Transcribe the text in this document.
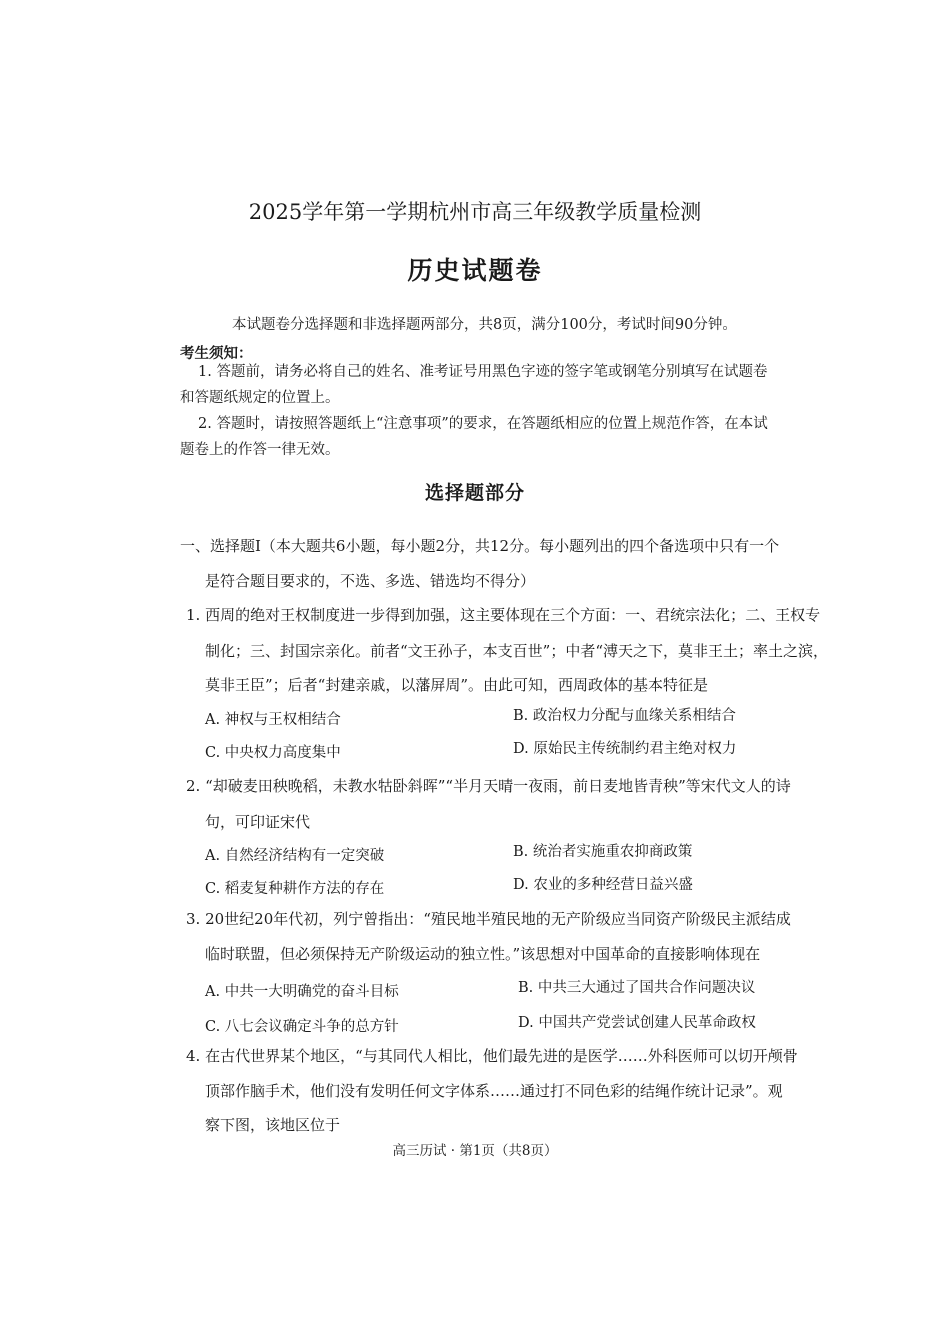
2025学年第一学期杭州市高三年级教学质量检测
历史试题卷
本试题卷分选择题和非选择题两部分，共8页，满分100分，考试时间90分钟。
考生须知：
1. 答题前，请务必将自己的姓名、准考证号用黑色字迹的签字笔或钢笔分别填写在试题卷
和答题纸规定的位置上。
2. 答题时，请按照答题纸上“注意事项”的要求，在答题纸相应的位置上规范作答，在本试
题卷上的作答一律无效。
选择题部分
一、选择题Ⅰ（本大题共6小题，每小题2分，共12分。每小题列出的四个备选项中只有一个
是符合题目要求的，不选、多选、错选均不得分）
1. 西周的绝对王权制度进一步得到加强，这主要体现在三个方面：一、君统宗法化；二、王权专
制化；三、封国宗亲化。前者“文王孙子，本支百世”；中者“溥天之下，莫非王土；率土之滨，
莫非王臣”；后者“封建亲戚，以藩屏周”。由此可知，西周政体的基本特征是
A. 神权与王权相结合	B. 政治权力分配与血缘关系相结合
C. 中央权力高度集中	D. 原始民主传统制约君主绝对权力
2. “却破麦田秧晚稻，未教水牯卧斜晖”“半月天晴一夜雨，前日麦地皆青秧”等宋代文人的诗
句，可印证宋代
A. 自然经济结构有一定突破	B. 统治者实施重农抑商政策
C. 稻麦复种耕作方法的存在	D. 农业的多种经营日益兴盛
3. 20世纪20年代初，列宁曾指出：“殖民地半殖民地的无产阶级应当同资产阶级民主派结成
临时联盟，但必须保持无产阶级运动的独立性。”该思想对中国革命的直接影响体现在
A. 中共一大明确党的奋斗目标	B. 中共三大通过了国共合作问题决议
C. 八七会议确定斗争的总方针	D. 中国共产党尝试创建人民革命政权
4. 在古代世界某个地区，“与其同代人相比，他们最先进的是医学……外科医师可以切开颅骨
顶部作脑手术，他们没有发明任何文字体系……通过打不同色彩的结绳作统计记录”。观
察下图，该地区位于
高三历试 · 第1页（共8页）
